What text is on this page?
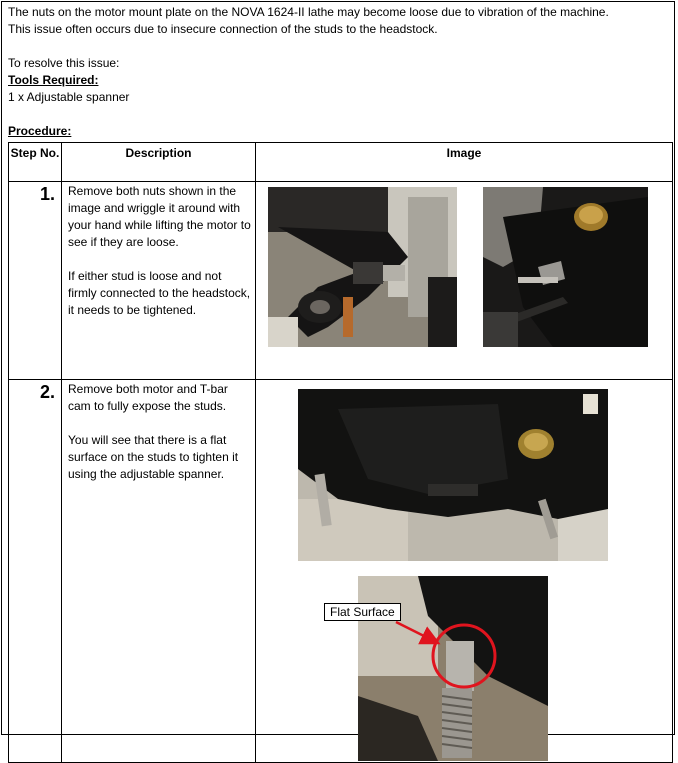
The nuts on the motor mount plate on the NOVA 1624-II lathe may become loose due to vibration of the machine.

This issue often occurs due to insecure connection of the studs to the headstock.

To resolve this issue:

Tools Required:

1 x Adjustable spanner

Procedure:

Step No.	Description	Image
1.	Remove both nuts shown in the image and wriggle it around with your hand while lifting the motor to see if they are loose.

If either stud is loose and not firmly connected to the headstock, it needs to be tightened.

2.	Remove both motor and T-bar cam to fully expose the studs.

You will see that there is a flat surface on the studs to tighten it using the adjustable spanner.	Flat Surface
